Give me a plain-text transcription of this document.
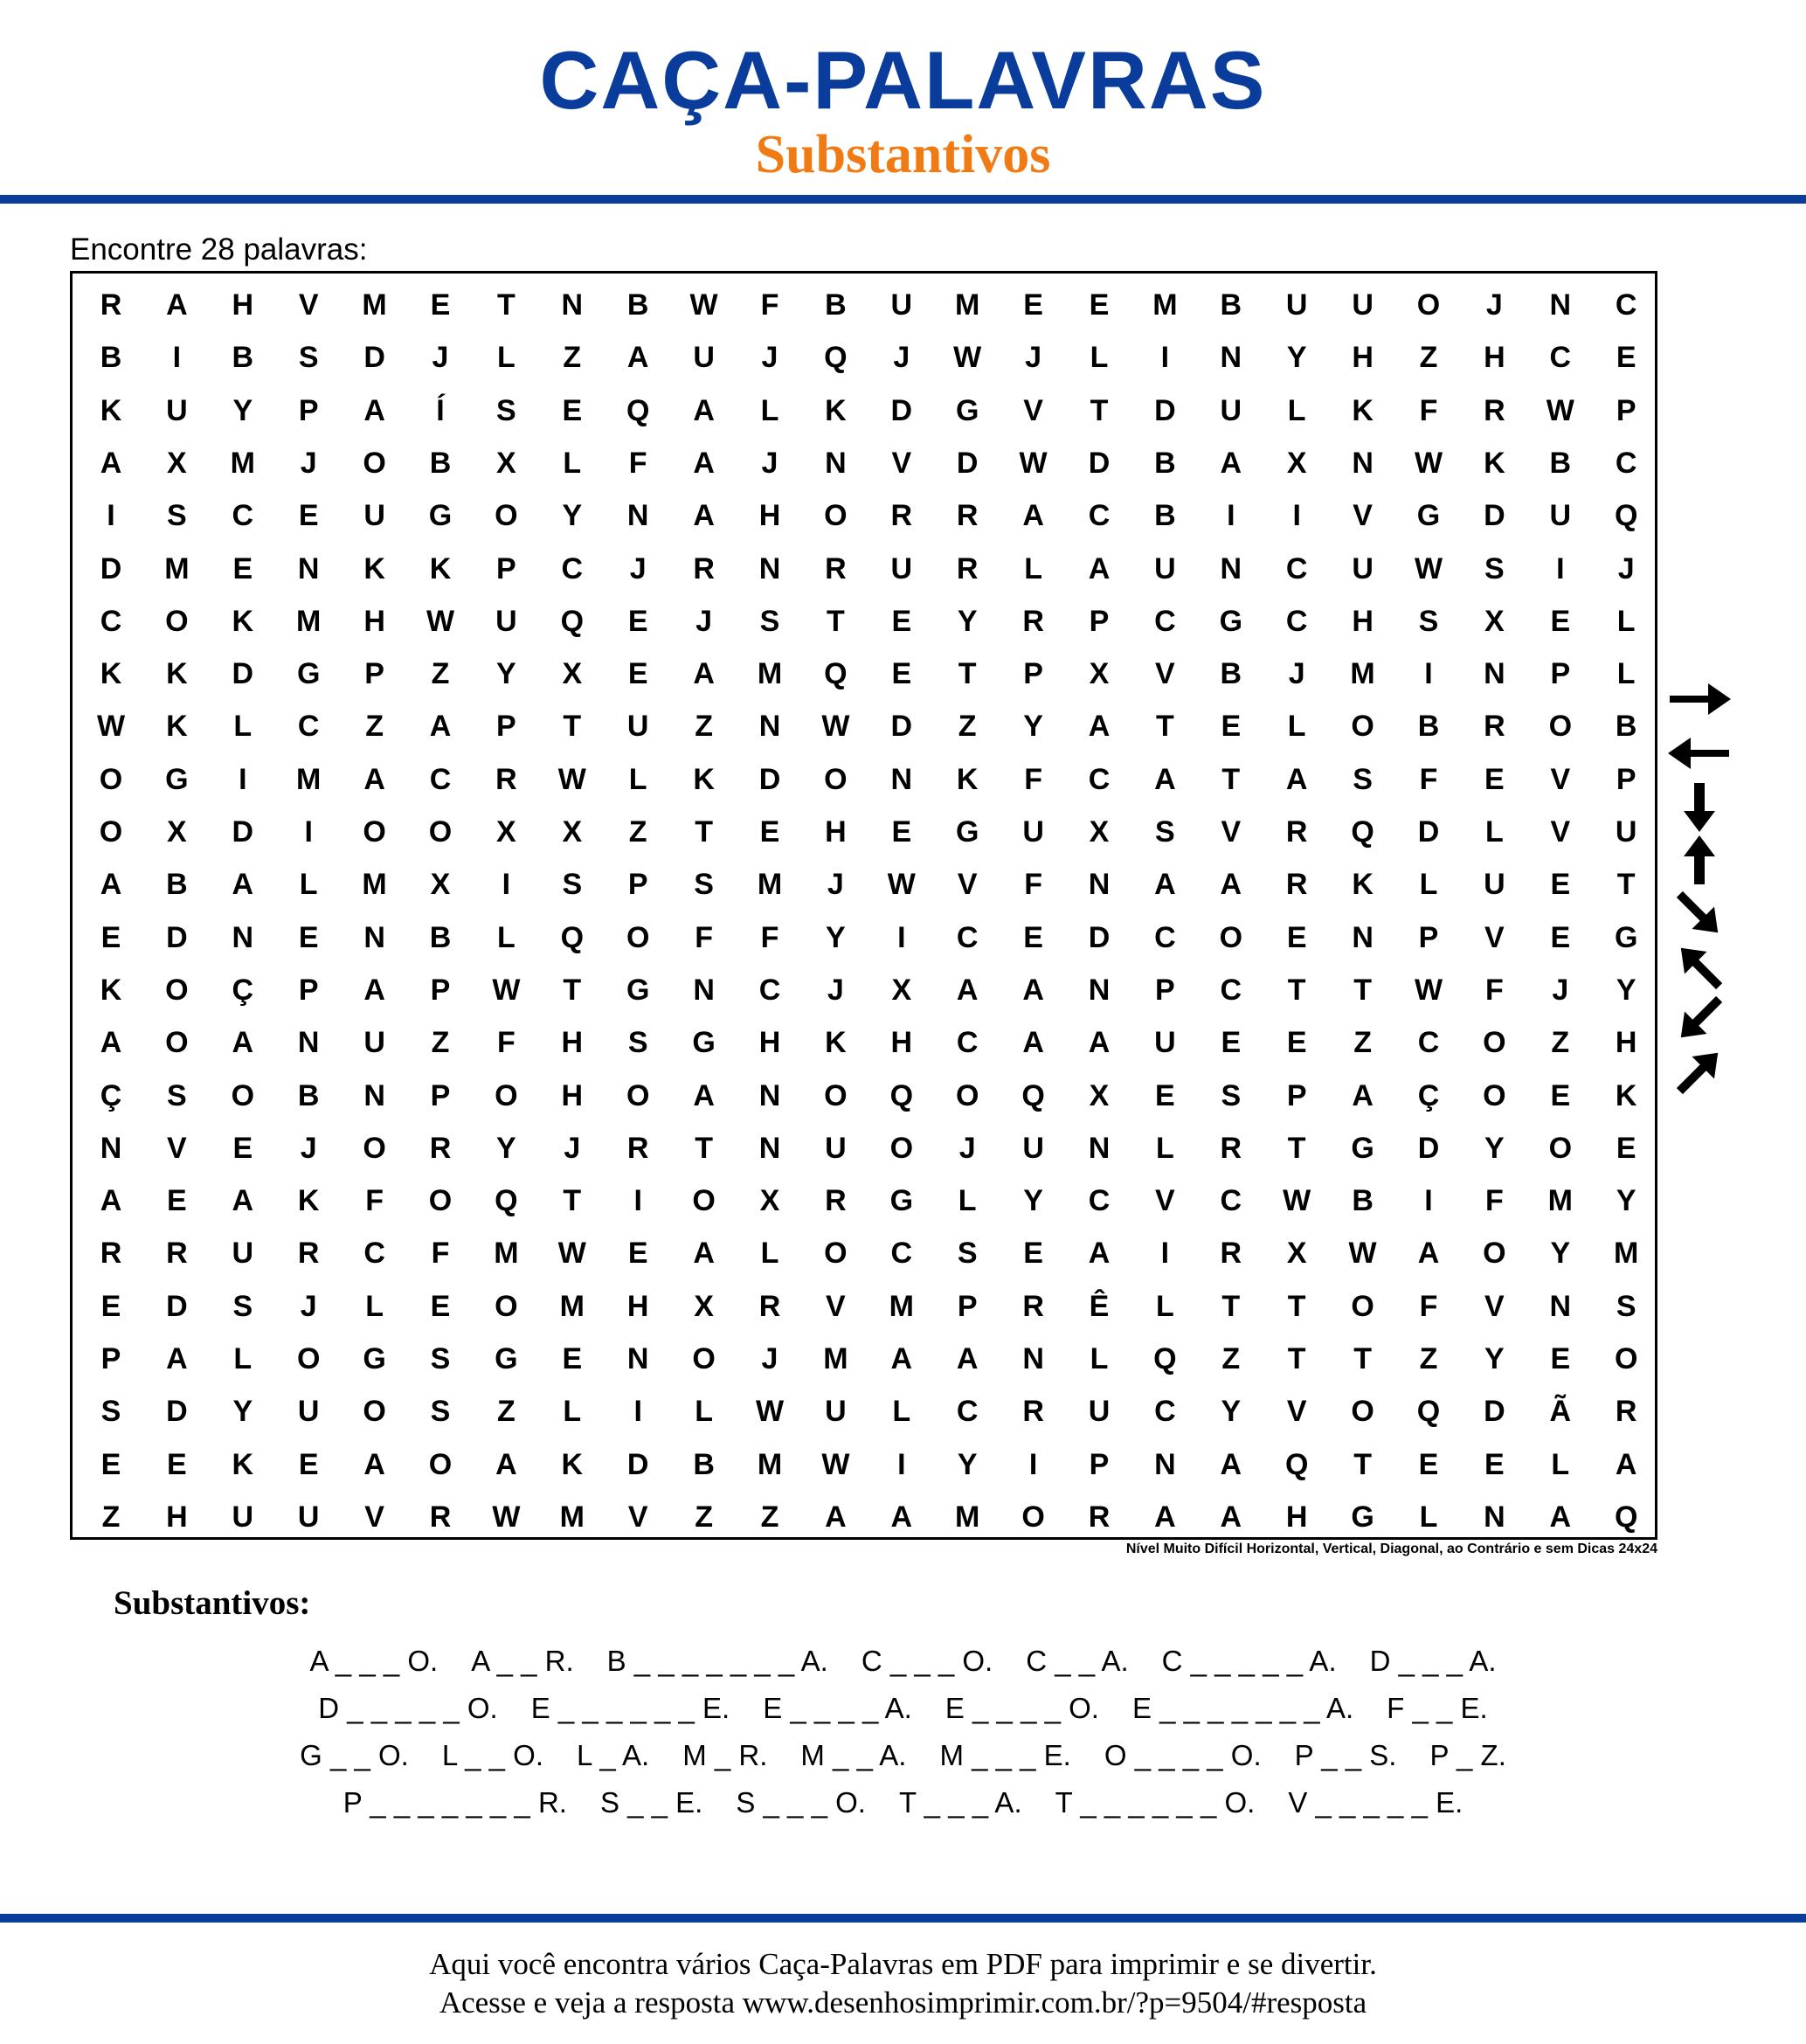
CAÇA-PALAVRAS
Substantivos
Encontre 28 palavras:
R	A	H	V	M	E	T	N	B	W	F	B	U	M	E	E	M	B	U	U	O	J	N	C
B	I	B	S	D	J	L	Z	A	U	J	Q	J	W	J	L	I	N	Y	H	Z	H	C	E
K	U	Y	P	A	Í	S	E	Q	A	L	K	D	G	V	T	D	U	L	K	F	R	W	P
A	X	M	J	O	B	X	L	F	A	J	N	V	D	W	D	B	A	X	N	W	K	B	C
I	S	C	E	U	G	O	Y	N	A	H	O	R	R	A	C	B	I	I	V	G	D	U	Q
D	M	E	N	K	K	P	C	J	R	N	R	U	R	L	A	U	N	C	U	W	S	I	J
C	O	K	M	H	W	U	Q	E	J	S	T	E	Y	R	P	C	G	C	H	S	X	E	L
K	K	D	G	P	Z	Y	X	E	A	M	Q	E	T	P	X	V	B	J	M	I	N	P	L
W	K	L	C	Z	A	P	T	U	Z	N	W	D	Z	Y	A	T	E	L	O	B	R	O	B
O	G	I	M	A	C	R	W	L	K	D	O	N	K	F	C	A	T	A	S	F	E	V	P
O	X	D	I	O	O	X	X	Z	T	E	H	E	G	U	X	S	V	R	Q	D	L	V	U
A	B	A	L	M	X	I	S	P	S	M	J	W	V	F	N	A	A	R	K	L	U	E	T
E	D	N	E	N	B	L	Q	O	F	F	Y	I	C	E	D	C	O	E	N	P	V	E	G
K	O	Ç	P	A	P	W	T	G	N	C	J	X	A	A	N	P	C	T	T	W	F	J	Y
A	O	A	N	U	Z	F	H	S	G	H	K	H	C	A	A	U	E	E	Z	C	O	Z	H
Ç	S	O	B	N	P	O	H	O	A	N	O	Q	O	Q	X	E	S	P	A	Ç	O	E	K
N	V	E	J	O	R	Y	J	R	T	N	U	O	J	U	N	L	R	T	G	D	Y	O	E
A	E	A	K	F	O	Q	T	I	O	X	R	G	L	Y	C	V	C	W	B	I	F	M	Y
R	R	U	R	C	F	M	W	E	A	L	O	C	S	E	A	I	R	X	W	A	O	Y	M
E	D	S	J	L	E	O	M	H	X	R	V	M	P	R	Ê	L	T	T	O	F	V	N	S
P	A	L	O	G	S	G	E	N	O	J	M	A	A	N	L	Q	Z	T	T	Z	Y	E	O
S	D	Y	U	O	S	Z	L	I	L	W	U	L	C	R	U	C	Y	V	O	Q	D	Ã	R
E	E	K	E	A	O	A	K	D	B	M	W	I	Y	I	P	N	A	Q	T	E	E	L	A
Z	H	U	U	V	R	W	M	V	Z	Z	A	A	M	O	R	A	A	H	G	L	N	A	Q
Nível Muito Difícil Horizontal, Vertical, Diagonal, ao Contrário e sem Dicas 24x24
Substantivos:
A _ _ _ O. A _ _ R. B _ _ _ _ _ _ _ A. C _ _ _ O. C _ _ A. C _ _ _ _ _ A. D _ _ _ A.
D _ _ _ _ _ O. E _ _ _ _ _ _ E. E _ _ _ _ A. E _ _ _ _ O. E _ _ _ _ _ _ _ A. F _ _ E.
G _ _ O. L _ _ O. L _ A. M _ R. M _ _ A. M _ _ _ E. O _ _ _ _ O. P _ _ S. P _ Z.
P _ _ _ _ _ _ _ R. S _ _ E. S _ _ _ O. T _ _ _ A. T _ _ _ _ _ _ O. V _ _ _ _ _ E.
Aqui você encontra vários Caça-Palavras em PDF para imprimir e se divertir.
Acesse e veja a resposta www.desenhosimprimir.com.br/?p=9504/#resposta
